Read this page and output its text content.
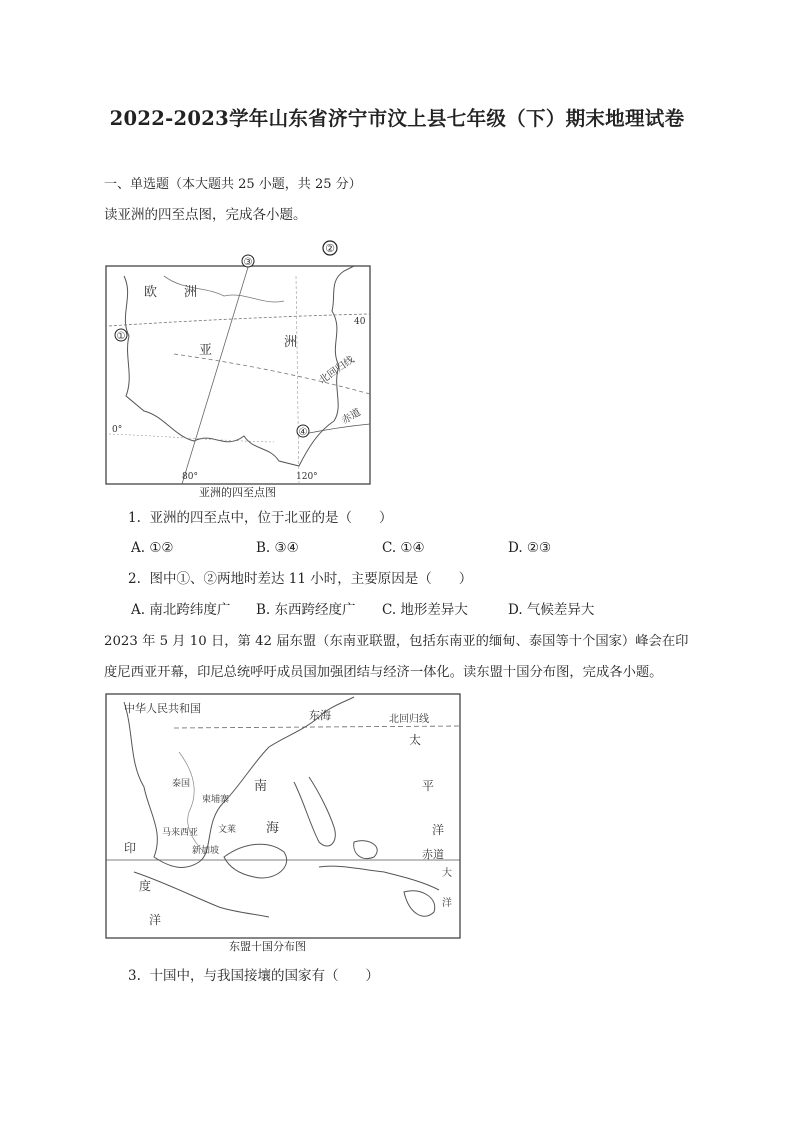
2022-2023学年山东省济宁市汶上县七年级（下）期末地理试卷
一、单选题（本大题共 25 小题，共 25 分）
读亚洲的四至点图，完成各小题。
①
②
③
④
欧 洲
亚
洲
北回归线
赤道
40
0°
80°	120°
亚洲的四至点图
1. 亚洲的四至点中，位于北亚的是（　　）
A. ①②	B. ③④	C. ①④	D. ②③
2. 图中①、②两地时差达 11 小时，主要原因是（　　）
A. 南北跨纬度广 B. 东西跨经度广 C. 地形差异大	D. 气候差异大
2023 年 5 月 10 日，第 42 届东盟（东南亚联盟，包括东南亚的缅甸、泰国等十个国家）峰会在印
度尼西亚开幕，印尼总统呼吁成员国加强团结与经济一体化。读东盟十国分布图，完成各小题。
中华人民共和国
东海	北回归线
太
平
洋
南
海
泰国
柬埔寨
马来西亚 文莱
新加坡
印
度
洋
赤道
大
洋
东盟十国分布图
3. 十国中，与我国接壤的国家有（　　）
